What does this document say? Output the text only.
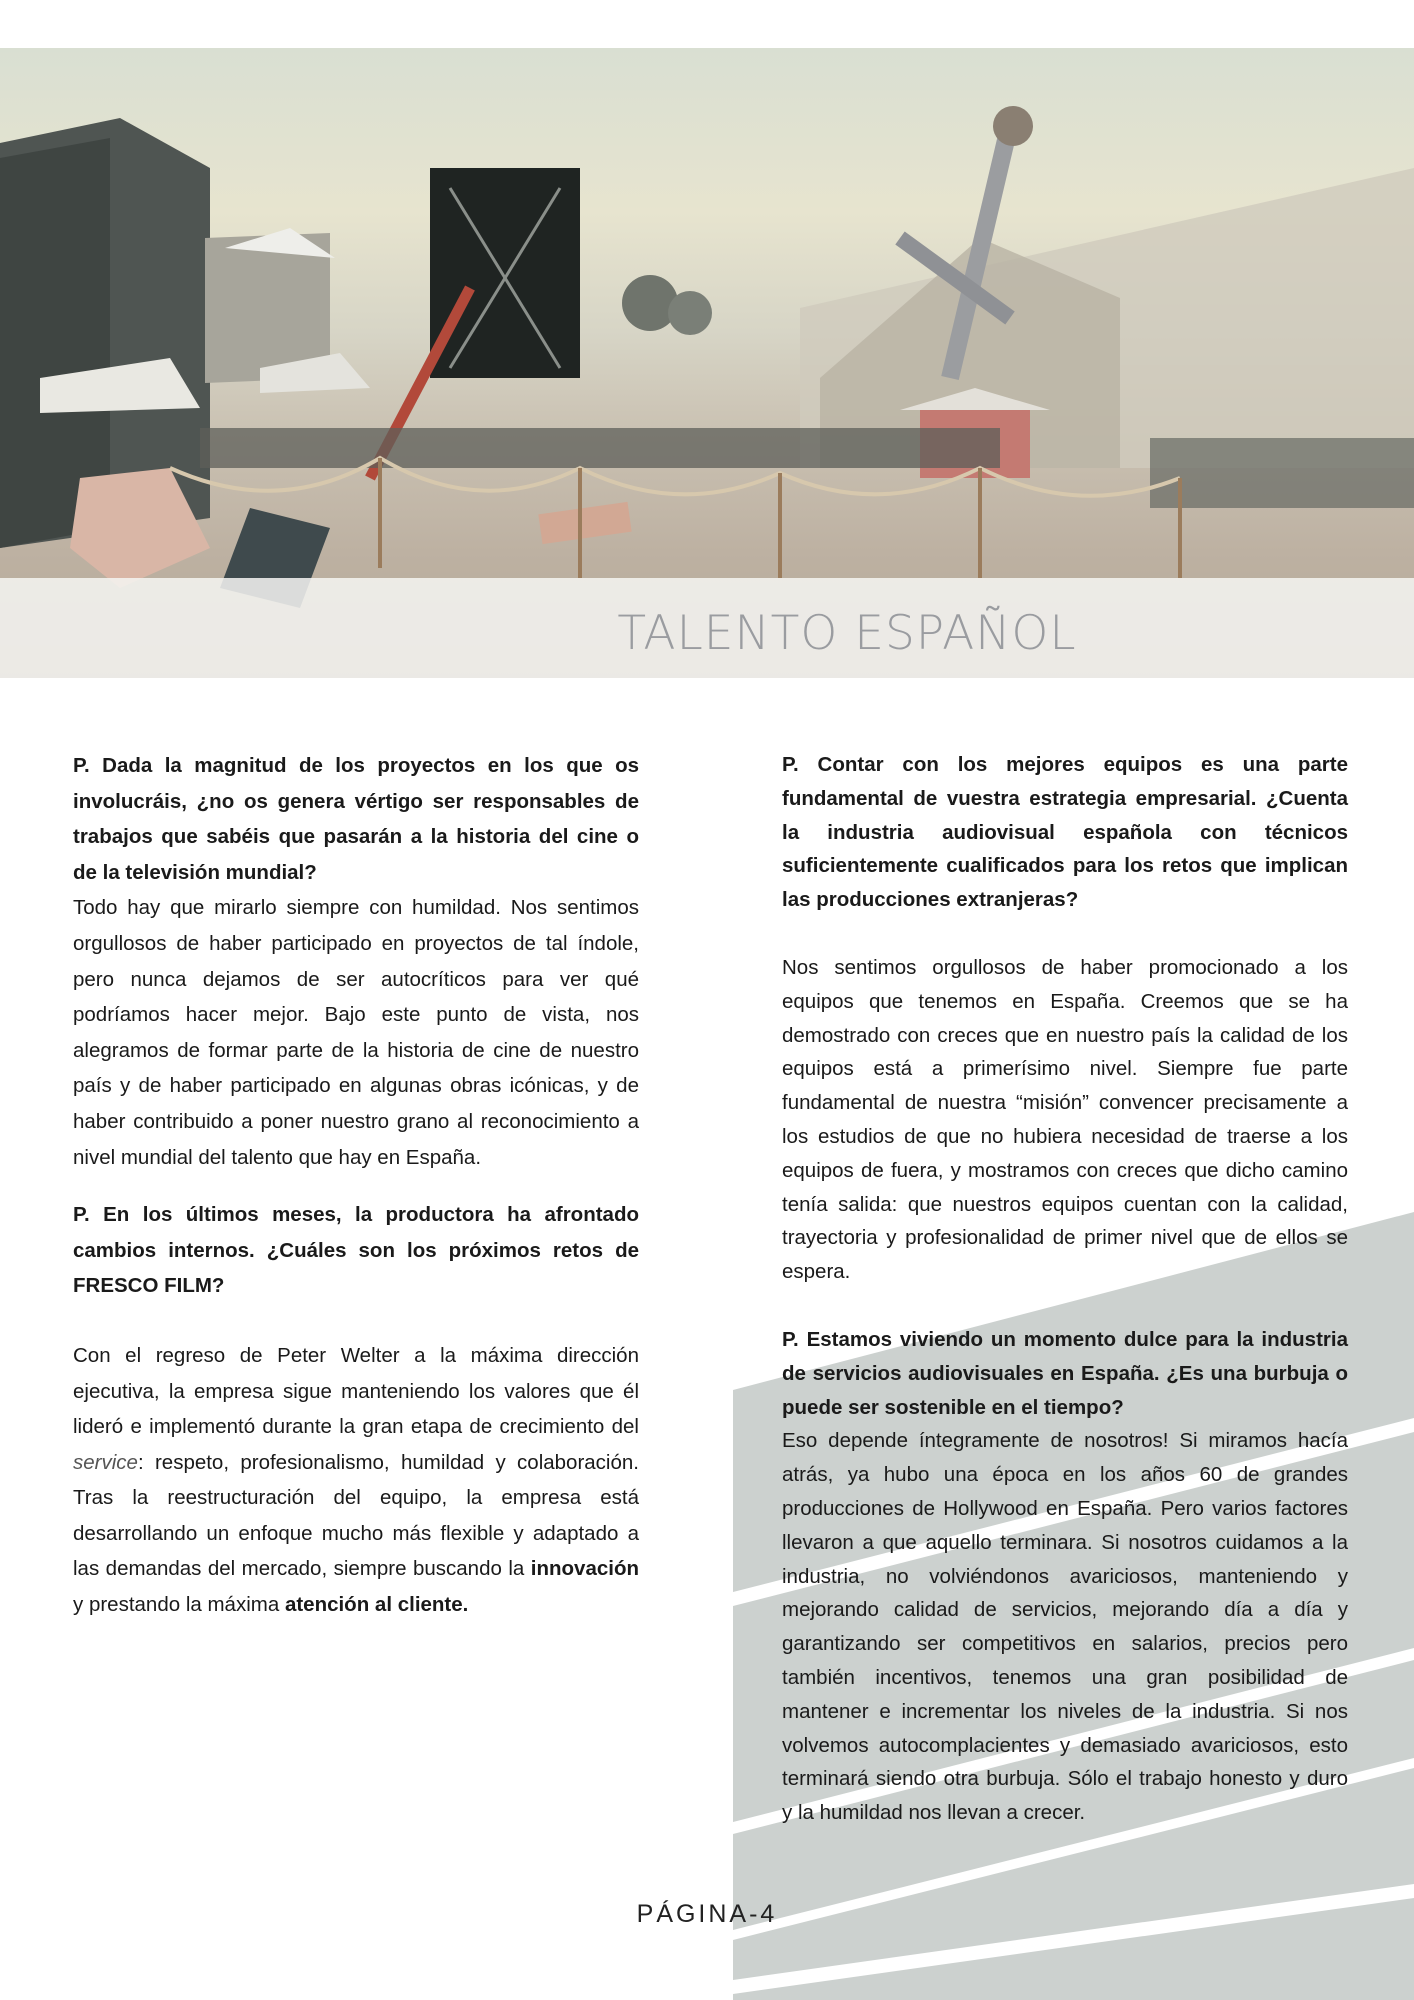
TALENTO ESPAÑOL

P. Dada la magnitud de los proyectos en los que os involucráis, ¿no os genera vértigo ser responsables de trabajos que sabéis que pasarán a la historia del cine o de la televisión mundial?

Todo hay que mirarlo siempre con humildad. Nos sentimos orgullosos de haber participado en proyectos de tal índole, pero nunca dejamos de ser autocríticos para ver qué podríamos hacer mejor. Bajo este punto de vista, nos alegramos de formar parte de la historia de cine de nuestro país y de haber participado en algunas obras icónicas, y de haber contribuido a poner nuestro grano al reconocimiento a nivel mundial del talento que hay en España.

P. En los últimos meses, la productora ha afrontado cambios internos. ¿Cuáles son los próximos retos de FRESCO FILM?

Con el regreso de Peter Welter a la máxima dirección ejecutiva, la empresa sigue manteniendo los valores que él lideró e implementó durante la gran etapa de crecimiento del service: respeto, profesionalismo, humildad y colaboración. Tras la reestructuración del equipo, la empresa está desarrollando un enfoque mucho más flexible y adaptado a las demandas del mercado, siempre buscando la innovación y prestando la máxima atención al cliente.

P. Contar con los mejores equipos es una parte fundamental de vuestra estrategia empresarial. ¿Cuenta la industria audiovisual española con técnicos suficientemente cualificados para los retos que implican las producciones extranjeras?

Nos sentimos orgullosos de haber promocionado a los equipos que tenemos en España. Creemos que se ha demostrado con creces que en nuestro país la calidad de los equipos está a primerísimo nivel. Siempre fue parte fundamental de nuestra “misión” convencer precisamente a los estudios de que no hubiera necesidad de traerse a los equipos de fuera, y mostramos con creces que dicho camino tenía salida: que nuestros equipos cuentan con la calidad, trayectoria y profesionalidad de primer nivel que de ellos se espera.

P. Estamos viviendo un momento dulce para la industria de servicios audiovisuales en España. ¿Es una burbuja o puede ser sostenible en el tiempo?

Eso depende íntegramente de nosotros! Si miramos hacía atrás, ya hubo una época en los años 60 de grandes producciones de Hollywood en España. Pero varios factores llevaron a que aquello terminara. Si nosotros cuidamos a la industria, no volviéndonos avariciosos, manteniendo y mejorando calidad de servicios, mejorando día a día y garantizando ser competitivos en salarios, precios pero también incentivos, tenemos una gran posibilidad de mantener e incrementar los niveles de la industria. Si nos volvemos autocomplacientes y demasiado avariciosos, esto terminará siendo otra burbuja. Sólo el trabajo honesto y duro y la humildad nos llevan a crecer.

PÁGINA-4
